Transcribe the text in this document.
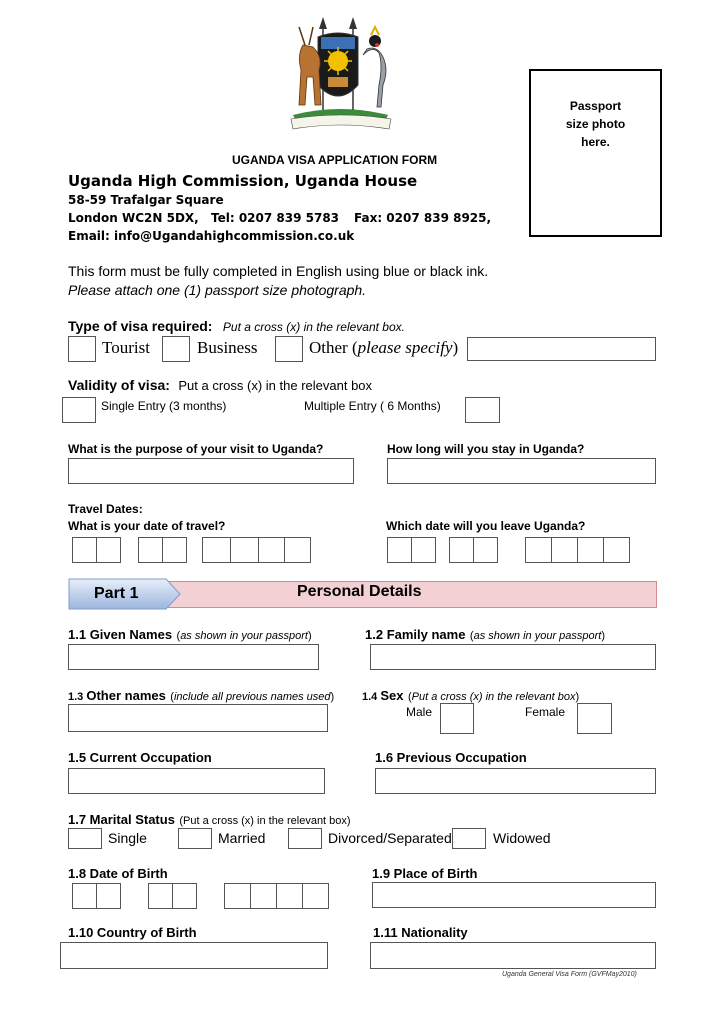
Passport
size photo
here.
UGANDA VISA APPLICATION FORM
Uganda High Commission, Uganda House
58-59 Trafalgar Square
London WC2N 5DX, Tel: 0207 839 5783 Fax: 0207 839 8925,
Email: info@Ugandahighcommission.co.uk
This form must be fully completed in English using blue or black ink.
Please attach one (1) passport size photograph.
Type of visa required: Put a cross (x) in the relevant box.
Tourist	Business	Other (please specify)
Validity of visa: Put a cross (x) in the relevant box
Single Entry (3 months)	Multiple Entry ( 6 Months)
What is the purpose of your visit to Uganda?	How long will you stay in Uganda?
Travel Dates:
What is your date of travel?	Which date will you leave Uganda?
Part 1	Personal Details
1.1 Given Names (as shown in your passport)	1.2 Family name (as shown in your passport)
1.3 Other names (include all previous names used)	1.4 Sex (Put a cross (x) in the relevant box)
Male	Female
1.5 Current Occupation	1.6 Previous Occupation
1.7 Marital Status (Put a cross (x) in the relevant box)
Single	Married	Divorced/Separated	Widowed
1.8 Date of Birth	1.9 Place of Birth
1.10 Country of Birth	1.11 Nationality
Uganda General Visa Form (GVFMay2010)
